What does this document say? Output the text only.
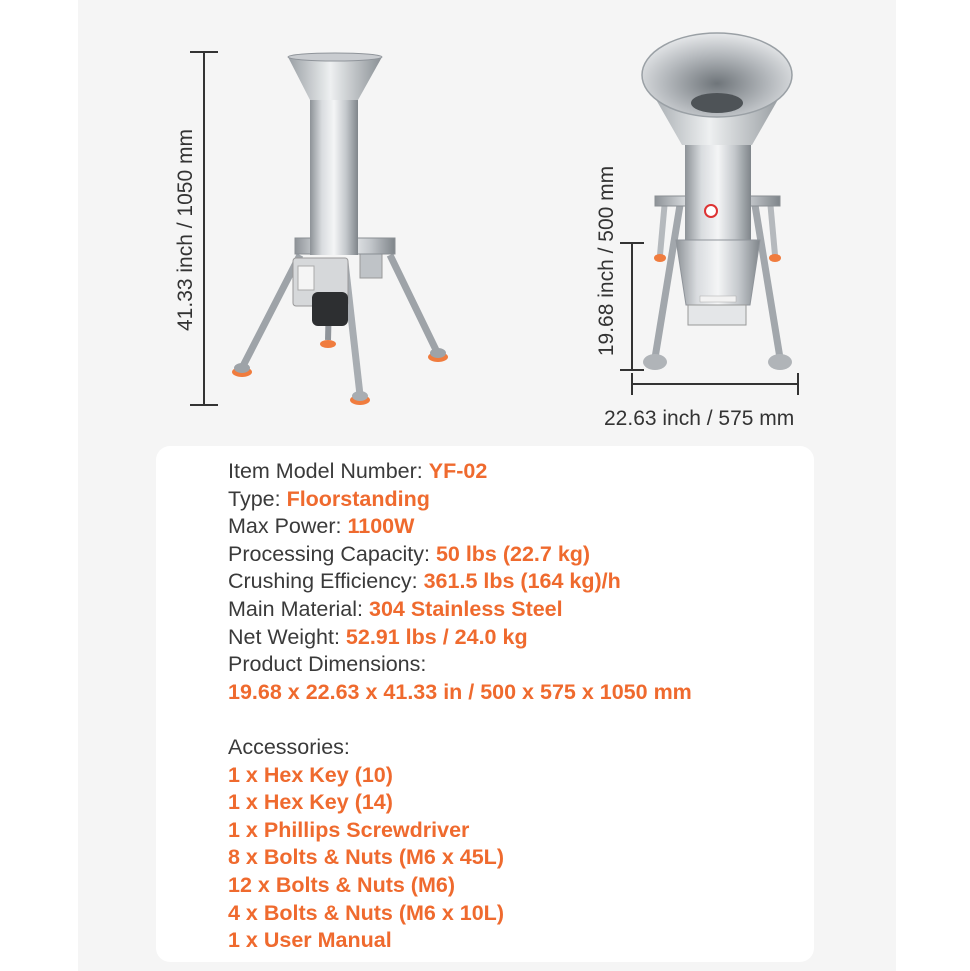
41.33 inch / 1050 mm	19.68 inch / 500 mm
22.63 inch / 575 mm
Item Model Number: YF-02
Type: Floorstanding
Max Power: 1100W
Processing Capacity: 50 lbs (22.7 kg)
Crushing Efficiency: 361.5 lbs (164 kg)/h
Main Material: 304 Stainless Steel
Net Weight: 52.91 lbs / 24.0 kg
Product Dimensions:
19.68 x 22.63 x 41.33 in / 500 x 575 x 1050 mm
Accessories:
1 x Hex Key (10)
1 x Hex Key (14)
1 x Phillips Screwdriver
8 x Bolts & Nuts (M6 x 45L)
12 x Bolts & Nuts (M6)
4 x Bolts & Nuts (M6 x 10L)
1 x User Manual
